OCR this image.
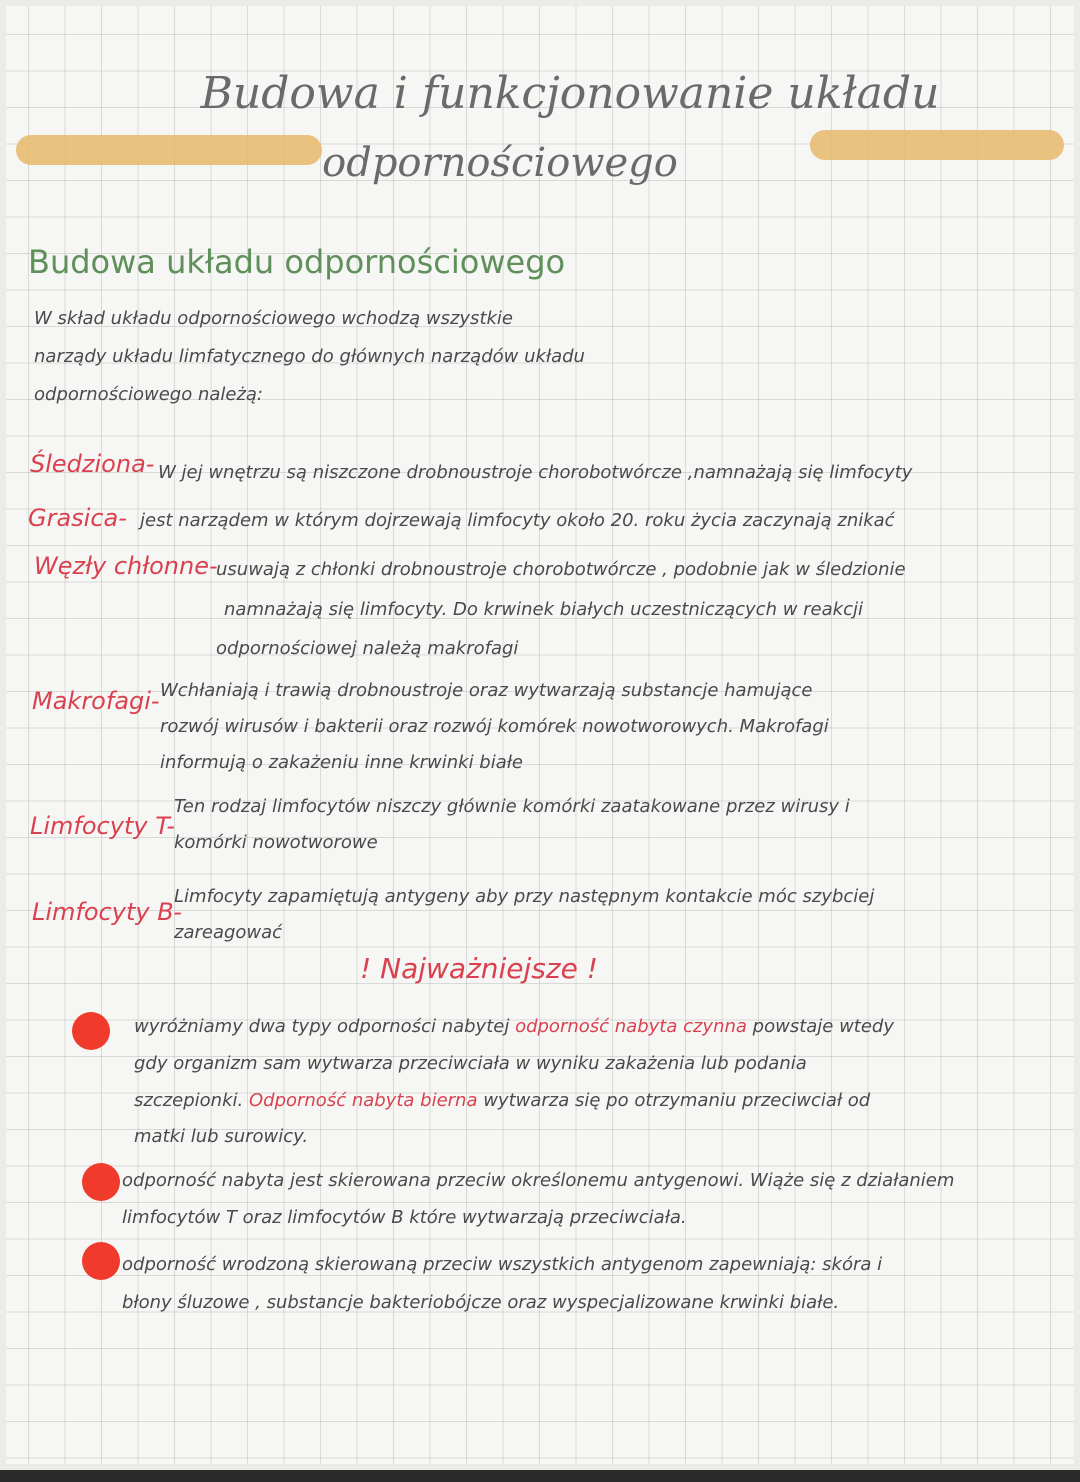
Budowa i funkcjonowanie układu
odpornościowego
Budowa układu odpornościowego
W skład układu odpornościowego wchodzą wszystkie
narządy układu limfatycznego do głównych narządów układu
odpornościowego należą:
Śledziona- W jej wnętrzu są niszczone drobnoustroje chorobotwórcze ,namnażają się limfocyty
Grasica- jest narządem w którym dojrzewają limfocyty około 20. roku życia zaczynają znikać
Węzły chłonne-
usuwają z chłonki drobnoustroje chorobotwórcze , podobnie jak w śledzionie
namnażają się limfocyty. Do krwinek białych uczestniczących w reakcji
odpornościowej należą makrofagi
Makrofagi- Wchłaniają i trawią drobnoustroje oraz wytwarzają substancje hamujące
rozwój wirusów i bakterii oraz rozwój komórek nowotworowych. Makrofagi
informują o zakażeniu inne krwinki białe
Limfocyty T-
Ten rodzaj limfocytów niszczy głównie komórki zaatakowane przez wirusy i
komórki nowotworowe
Limfocyty B-
Limfocyty zapamiętują antygeny aby przy następnym kontakcie móc szybciej
zareagować
! Najważniejsze !
wyróżniamy dwa typy odporności nabytej odporność nabyta czynna powstaje wtedy
gdy organizm sam wytwarza przeciwciała w wyniku zakażenia lub podania
szczepionki. Odporność nabyta bierna wytwarza się po otrzymaniu przeciwciał od
matki lub surowicy.
odporność nabyta jest skierowana przeciw określonemu antygenowi. Wiąże się z działaniem
limfocytów T oraz limfocytów B które wytwarzają przeciwciała.
odporność wrodzoną skierowaną przeciw wszystkich antygenom zapewniają: skóra i
błony śluzowe , substancje bakteriobójcze oraz wyspecjalizowane krwinki białe.
